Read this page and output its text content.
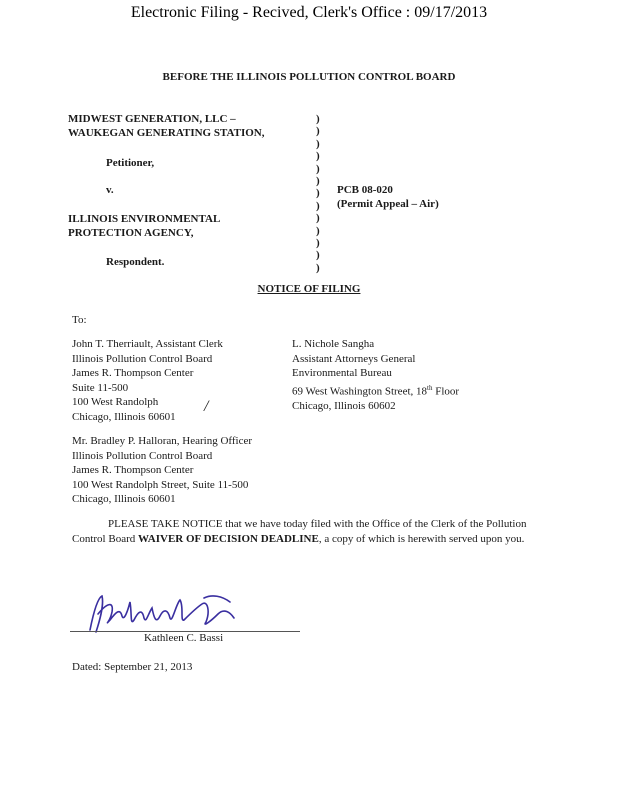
Electronic Filing - Recived, Clerk's Office : 09/17/2013
BEFORE THE ILLINOIS POLLUTION CONTROL BOARD
MIDWEST GENERATION, LLC –
WAUKEGAN GENERATING STATION,
Petitioner,
v.
ILLINOIS ENVIRONMENTAL
PROTECTION AGENCY,
Respondent.
)
)
)
)
)
)
)
)
)
)
)
)
)
PCB 08-020
(Permit Appeal – Air)
NOTICE OF FILING
To:
John T. Therriault, Assistant Clerk
Illinois Pollution Control Board
James R. Thompson Center
Suite 11-500
100 West Randolph
Chicago, Illinois 60601
/
L. Nichole Sangha
Assistant Attorneys General
Environmental Bureau
69 West Washington Street, 18th Floor
Chicago, Illinois 60602
Mr. Bradley P. Halloran, Hearing Officer
Illinois Pollution Control Board
James R. Thompson Center
100 West Randolph Street, Suite 11-500
Chicago, Illinois 60601
PLEASE TAKE NOTICE that we have today filed with the Office of the Clerk of the Pollution Control Board WAIVER OF DECISION DEADLINE, a copy of which is herewith served upon you.
Kathleen C. Bassi
Dated: September 21, 2013
